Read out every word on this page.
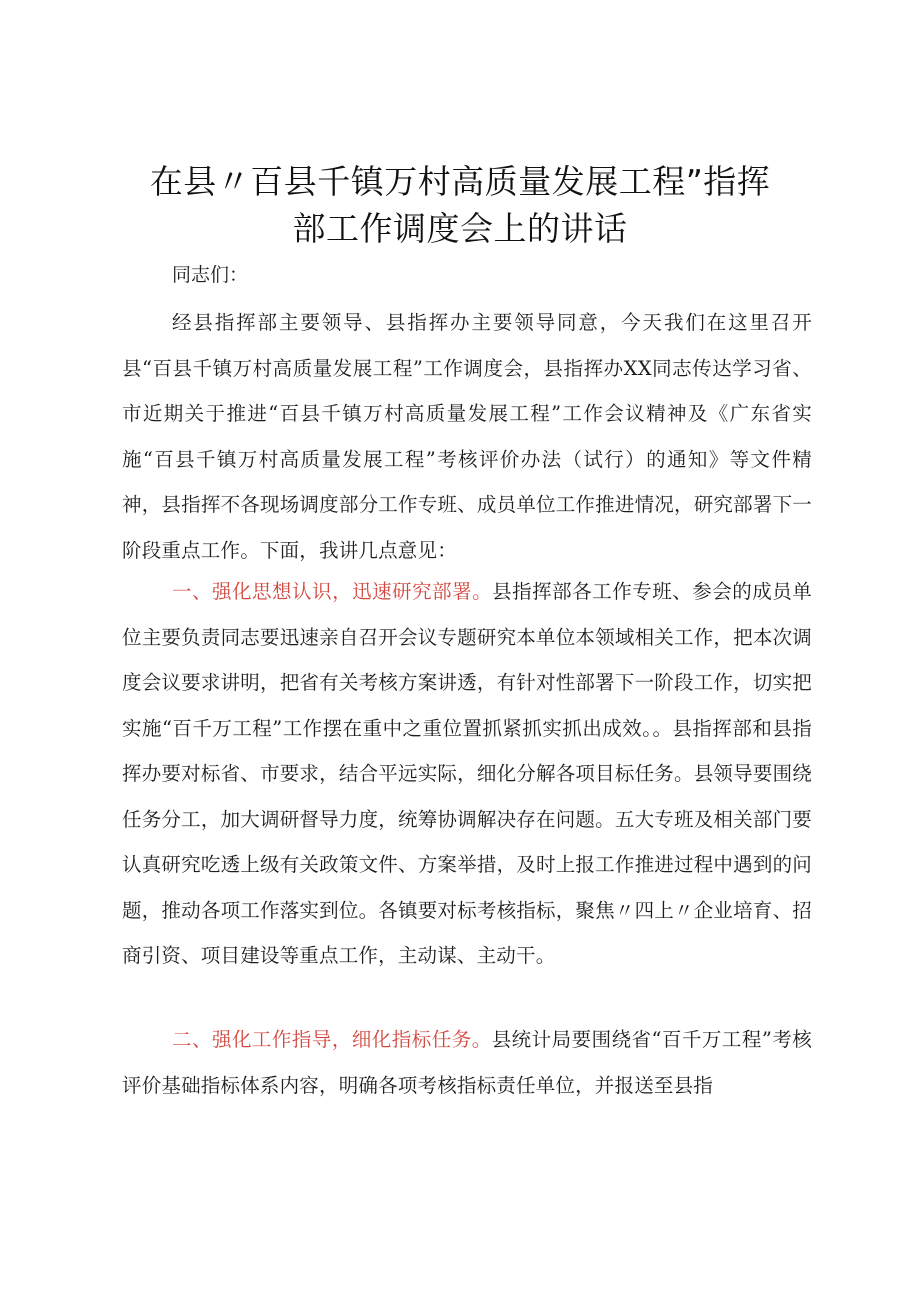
在县〃百县千镇万村高质量发展工程”指挥
部工作调度会上的讲话

同志们：

经县指挥部主要领导、县指挥办主要领导同意，今天我们在这里召开县“百县千镇万村高质量发展工程”工作调度会，县指挥办XX同志传达学习省、市近期关于推进“百县千镇万村高质量发展工程”工作会议精神及《广东省实施“百县千镇万村高质量发展工程”考核评价办法（试行）的通知》等文件精神，县指挥不各现场调度部分工作专班、成员单位工作推进情况，研究部署下一阶段重点工作。下面，我讲几点意见：

一、强化思想认识，迅速研究部署。县指挥部各工作专班、参会的成员单位主要负责同志要迅速亲自召开会议专题研究本单位本领域相关工作，把本次调度会议要求讲明，把省有关考核方案讲透，有针对性部署下一阶段工作，切实把实施“百千万工程”工作摆在重中之重位置抓紧抓实抓出成效。。县指挥部和县指挥办要对标省、市要求，结合平远实际，细化分解各项目标任务。县领导要围绕任务分工，加大调研督导力度，统筹协调解决存在问题。五大专班及相关部门要认真研究吃透上级有关政策文件、方案举措，及时上报工作推进过程中遇到的问题，推动各项工作落实到位。各镇要对标考核指标，聚焦〃四上〃企业培育、招商引资、项目建设等重点工作，主动谋、主动干。

二、强化工作指导，细化指标任务。县统计局要围绕省“百千万工程”考核评价基础指标体系内容，明确各项考核指标责任单位，并报送至县指
